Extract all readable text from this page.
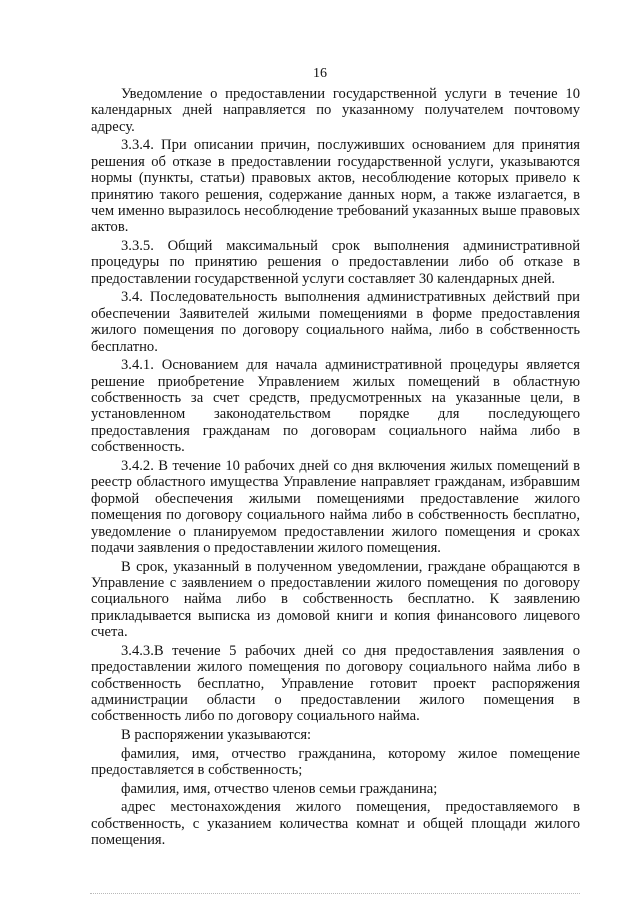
16

Уведомление о предоставлении государственной услуги в течение 10 календарных дней направляется по указанному получателем почтовому адресу.

3.3.4. При описании причин, послуживших основанием для принятия решения об отказе в предоставлении государственной услуги, указываются нормы (пункты, статьи) правовых актов, несоблюдение которых привело к принятию такого решения, содержание данных норм, а также излагается, в чем именно выразилось несоблюдение требований указанных выше правовых актов.

3.3.5. Общий максимальный срок выполнения административной процедуры по принятию решения о предоставлении либо об отказе в предоставлении государственной услуги составляет 30 календарных дней.

3.4. Последовательность выполнения административных действий при обеспечении Заявителей жилыми помещениями в форме предоставления жилого помещения по договору социального найма, либо в собственность бесплатно.

3.4.1. Основанием для начала административной процедуры является решение приобретение Управлением жилых помещений в областную собственность за счет средств, предусмотренных на указанные цели, в установленном законодательством порядке для последующего предоставления гражданам по договорам социального найма либо в собственность.

3.4.2. В течение 10 рабочих дней со дня включения жилых помещений в реестр областного имущества Управление направляет гражданам, избравшим формой обеспечения жилыми помещениями предоставление жилого помещения по договору социального найма либо в собственность бесплатно, уведомление о планируемом предоставлении жилого помещения и сроках подачи заявления о предоставлении жилого помещения.

В срок, указанный в полученном уведомлении, граждане обращаются в Управление с заявлением о предоставлении жилого помещения по договору социального найма либо в собственность бесплатно. К заявлению прикладывается выписка из домовой книги и копия финансового лицевого счета.

3.4.3.В течение 5 рабочих дней со дня предоставления заявления о предоставлении жилого помещения по договору социального найма либо в собственность бесплатно, Управление готовит проект распоряжения администрации области о предоставлении жилого помещения в собственность либо по договору социального найма.

В распоряжении указываются:

фамилия, имя, отчество гражданина, которому жилое помещение предоставляется в собственность;

фамилия, имя, отчество членов семьи гражданина;

адрес местонахождения жилого помещения, предоставляемого в собственность, с указанием количества комнат и общей площади жилого помещения.
